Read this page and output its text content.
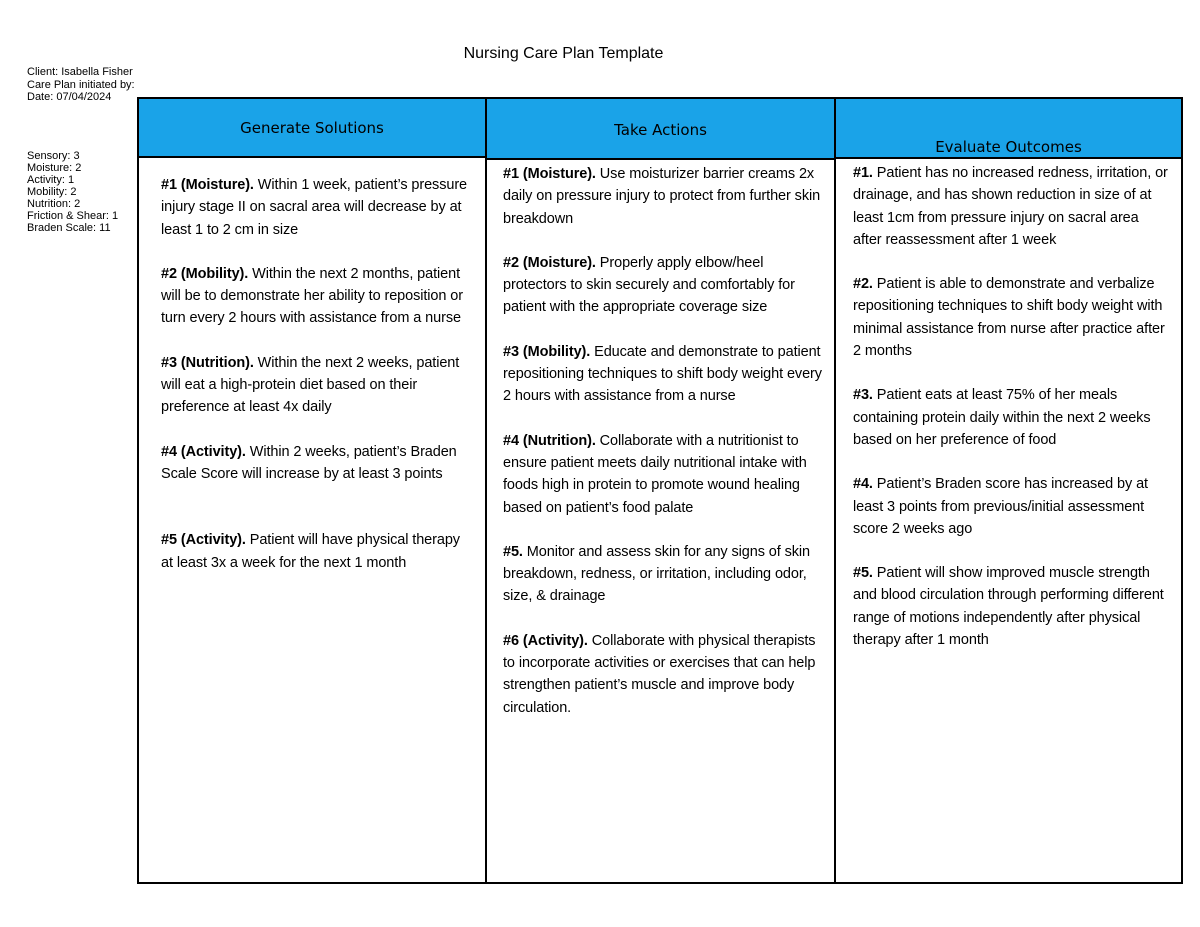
Nursing Care Plan Template
Client: Isabella Fisher
Care Plan initiated by:
Date: 07/04/2024
Sensory: 3
Moisture: 2
Activity: 1
Mobility: 2
Nutrition: 2
Friction & Shear: 1
Braden Scale: 11
Generate Solutions
#1 (Moisture). Within 1 week, patient’s pressure injury stage II on sacral area will decrease by at least 1 to 2 cm in size
#2 (Mobility). Within the next 2 months, patient will be to demonstrate her ability to reposition or turn every 2 hours with assistance from a nurse
#3 (Nutrition). Within the next 2 weeks, patient will eat a high-protein diet based on their preference at least 4x daily
#4 (Activity). Within 2 weeks, patient’s Braden Scale Score will increase by at least 3 points
#5 (Activity). Patient will have physical therapy at least 3x a week for the next 1 month
Take Actions
#1 (Moisture). Use moisturizer barrier creams 2x daily on pressure injury to protect from further skin breakdown
#2 (Moisture). Properly apply elbow/heel protectors to skin securely and comfortably for patient with the appropriate coverage size
#3 (Mobility). Educate and demonstrate to patient repositioning techniques to shift body weight every 2 hours with assistance from a nurse
#4 (Nutrition). Collaborate with a nutritionist to ensure patient meets daily nutritional intake with foods high in protein to promote wound healing based on patient’s food palate
#5. Monitor and assess skin for any signs of skin breakdown, redness, or irritation, including odor, size, & drainage
#6 (Activity). Collaborate with physical therapists to incorporate activities or exercises that can help strengthen patient’s muscle and improve body circulation.
Evaluate Outcomes
#1. Patient has no increased redness, irritation, or drainage, and has shown reduction in size of at least 1cm from pressure injury on sacral area after reassessment after 1 week
#2. Patient is able to demonstrate and verbalize repositioning techniques to shift body weight with minimal assistance from nurse after practice after 2 months
#3. Patient eats at least 75% of her meals containing protein daily within the next 2 weeks based on her preference of food
#4. Patient’s Braden score has increased by at least 3 points from previous/initial assessment score 2 weeks ago
#5. Patient will show improved muscle strength and blood circulation through performing different range of motions independently after physical therapy after 1 month
